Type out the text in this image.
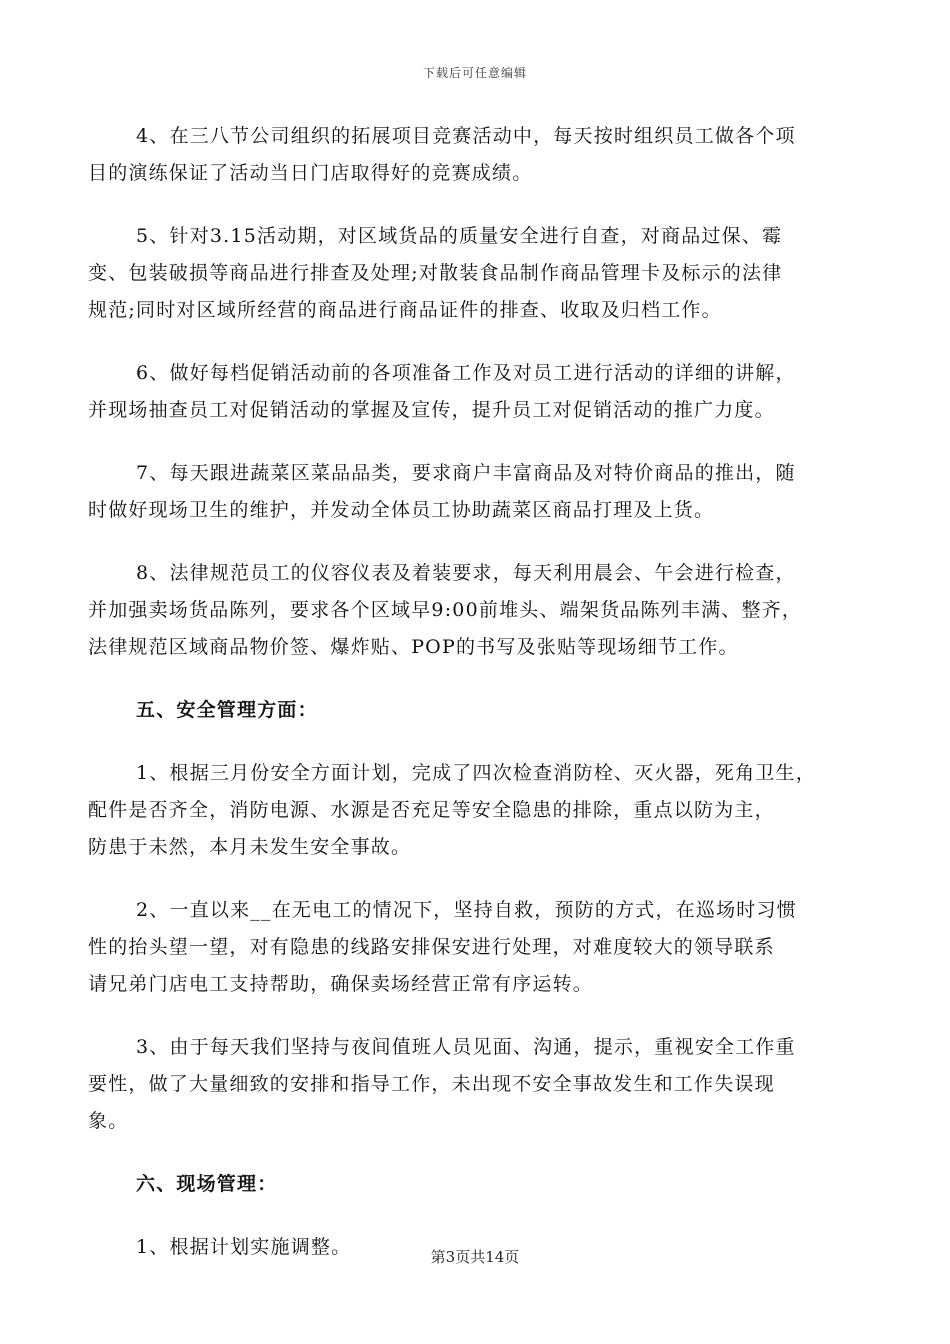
下载后可任意编辑

4、在三八节公司组织的拓展项目竞赛活动中，每天按时组织员工做各个项
目的演练保证了活动当日门店取得好的竞赛成绩。

5、针对3.15活动期，对区域货品的质量安全进行自查，对商品过保、霉
变、包装破损等商品进行排查及处理;对散装食品制作商品管理卡及标示的法律
规范;同时对区域所经营的商品进行商品证件的排查、收取及归档工作。

6、做好每档促销活动前的各项准备工作及对员工进行活动的详细的讲解，
并现场抽查员工对促销活动的掌握及宣传，提升员工对促销活动的推广力度。

7、每天跟进蔬菜区菜品品类，要求商户丰富商品及对特价商品的推出，随
时做好现场卫生的维护，并发动全体员工协助蔬菜区商品打理及上货。

8、法律规范员工的仪容仪表及着装要求，每天利用晨会、午会进行检查，
并加强卖场货品陈列，要求各个区域早9:00前堆头、端架货品陈列丰满、整齐，
法律规范区域商品物价签、爆炸贴、POP的书写及张贴等现场细节工作。

五、安全管理方面：

1、根据三月份安全方面计划，完成了四次检查消防栓、灭火器，死角卫生，
配件是否齐全，消防电源、水源是否充足等安全隐患的排除，重点以防为主，
防患于未然，本月未发生安全事故。

2、一直以来__在无电工的情况下，坚持自救，预防的方式，在巡场时习惯
性的抬头望一望，对有隐患的线路安排保安进行处理，对难度较大的领导联系
请兄弟门店电工支持帮助，确保卖场经营正常有序运转。

3、由于每天我们坚持与夜间值班人员见面、沟通，提示，重视安全工作重
要性，做了大量细致的安排和指导工作，未出现不安全事故发生和工作失误现
象。

六、现场管理：

1、根据计划实施调整。	第3页共14页
